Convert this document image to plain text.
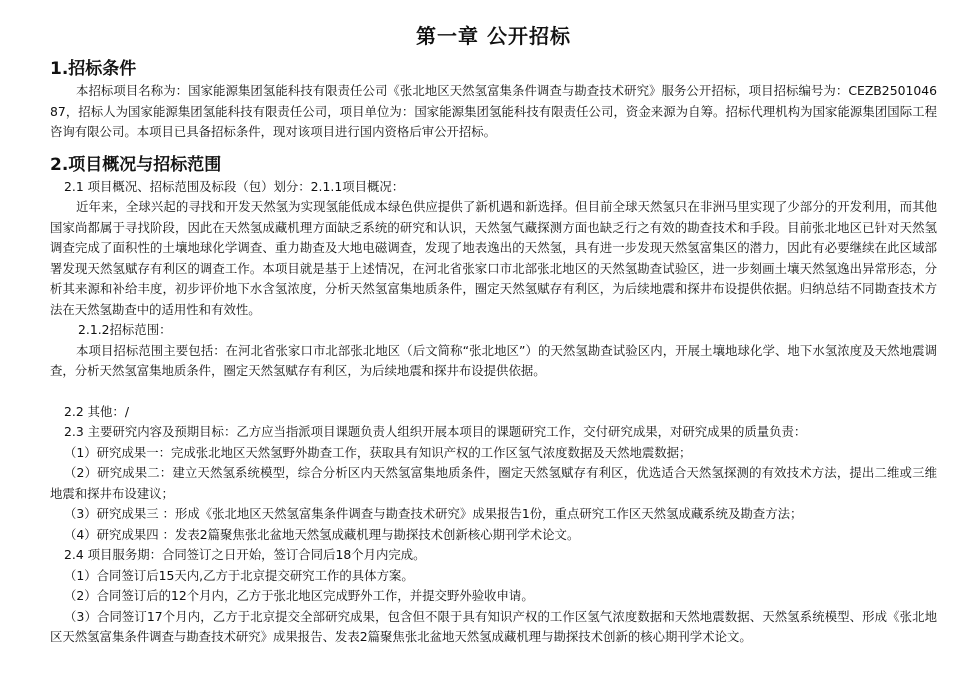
第一章 公开招标
1.招标条件

本招标项目名称为：国家能源集团氢能科技有限责任公司《张北地区天然氢富集条件调查与勘查技术研究》服务公开招标，项目招标编号为：CEZB250104687，招标人为国家能源集团氢能科技有限责任公司，项目单位为：国家能源集团氢能科技有限责任公司，资金来源为自筹。招标代理机构为国家能源集团国际工程咨询有限公司。本项目已具备招标条件，现对该项目进行国内资格后审公开招标。

2.项目概况与招标范围

2.1 项目概况、招标范围及标段（包）划分：2.1.1项目概况：

近年来，全球兴起的寻找和开发天然氢为实现氢能低成本绿色供应提供了新机遇和新选择。但目前全球天然氢只在非洲马里实现了少部分的开发利用，而其他国家尚都属于寻找阶段，因此在天然氢成藏机理方面缺乏系统的研究和认识，天然氢气藏探测方面也缺乏行之有效的勘查技术和手段。目前张北地区已针对天然氢调查完成了面积性的土壤地球化学调查、重力勘查及大地电磁调查，发现了地表逸出的天然氢，具有进一步发现天然氢富集区的潜力，因此有必要继续在此区域部署发现天然氢赋存有利区的调查工作。本项目就是基于上述情况，在河北省张家口市北部张北地区的天然氢勘查试验区，进一步刻画土壤天然氢逸出异常形态，分析其来源和补给丰度，初步评价地下水含氢浓度，分析天然氢富集地质条件，圈定天然氢赋存有利区，为后续地震和探井布设提供依据。归纳总结不同勘查技术方法在天然氢勘查中的适用性和有效性。

2.1.2招标范围：

本项目招标范围主要包括：在河北省张家口市北部张北地区（后文简称“张北地区”）的天然氢勘查试验区内，开展土壤地球化学、地下水氢浓度及天然地震调查，分析天然氢富集地质条件，圈定天然氢赋存有利区，为后续地震和探井布设提供依据。

2.2 其他：/

2.3 主要研究内容及预期目标：乙方应当指派项目课题负责人组织开展本项目的课题研究工作，交付研究成果，对研究成果的质量负责：

（1）研究成果一：完成张北地区天然氢野外勘查工作，获取具有知识产权的工作区氢气浓度数据及天然地震数据；

（2）研究成果二：建立天然氢系统模型，综合分析区内天然氢富集地质条件，圈定天然氢赋存有利区，优选适合天然氢探测的有效技术方法，提出二维或三维地震和探井布设建议；

（3）研究成果三 ：形成《张北地区天然氢富集条件调查与勘查技术研究》成果报告1份，重点研究工作区天然氢成藏系统及勘查方法；

（4）研究成果四 ：发表2篇聚焦张北盆地天然氢成藏机理与勘探技术创新核心期刊学术论文。

2.4 项目服务期：合同签订之日开始，签订合同后18个月内完成。

（1）合同签订后15天内,乙方于北京提交研究工作的具体方案。

（2）合同签订后的12个月内，乙方于张北地区完成野外工作，并提交野外验收申请。

（3）合同签订17个月内，乙方于北京提交全部研究成果，包含但不限于具有知识产权的工作区氢气浓度数据和天然地震数据、天然氢系统模型、形成《张北地区天然氢富集条件调查与勘查技术研究》成果报告、发表2篇聚焦张北盆地天然氢成藏机理与勘探技术创新的核心期刊学术论文。
